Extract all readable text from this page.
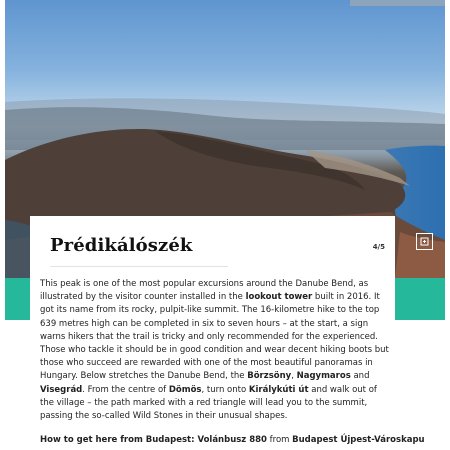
Prédikálószék	4/5

This peak is one of the most popular excursions around the Danube Bend, as illustrated by the visitor counter installed in the lookout tower built in 2016. It got its name from its rocky, pulpit-like summit. The 16-kilometre hike to the top 639 metres high can be completed in six to seven hours – at the start, a sign warns hikers that the trail is tricky and only recommended for the experienced. Those who tackle it should be in good condition and wear decent hiking boots but those who succeed are rewarded with one of the most beautiful panoramas in Hungary. Below stretches the Danube Bend, the Börzsöny, Nagymaros and Visegrád. From the centre of Dömös, turn onto Királykúti út and walk out of the village – the path marked with a red triangle will lead you to the summit, passing the so-called Wild Stones in their unusual shapes.

How to get here from Budapest: Volánbusz 880 from Budapest Újpest-Városkapu
